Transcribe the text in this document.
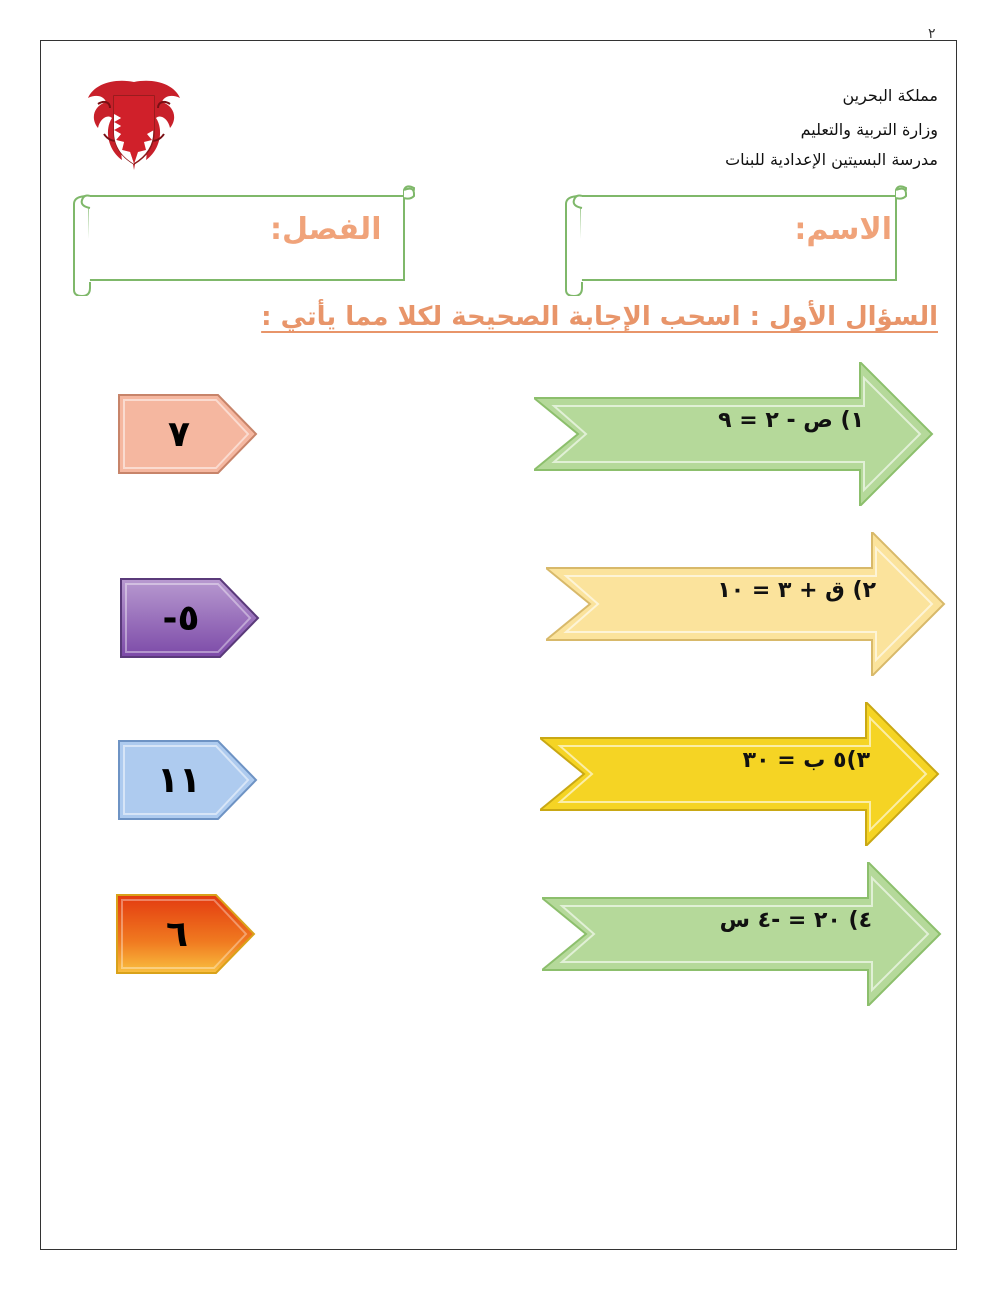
٢
مملكة البحرين
وزارة التربية والتعليم
مدرسة البسيتين الإعدادية للبنات
الاسم:
الفصل:
السؤال الأول : اسحب الإجابة الصحيحة لكلا مما يأتي :
١) ص - ٢ = ٩
٢) ق + ٣ = ١٠
٣)٥ ب = ٣٠
٤) ٢٠ = -٤ س
٧
-٥
١١
٦
